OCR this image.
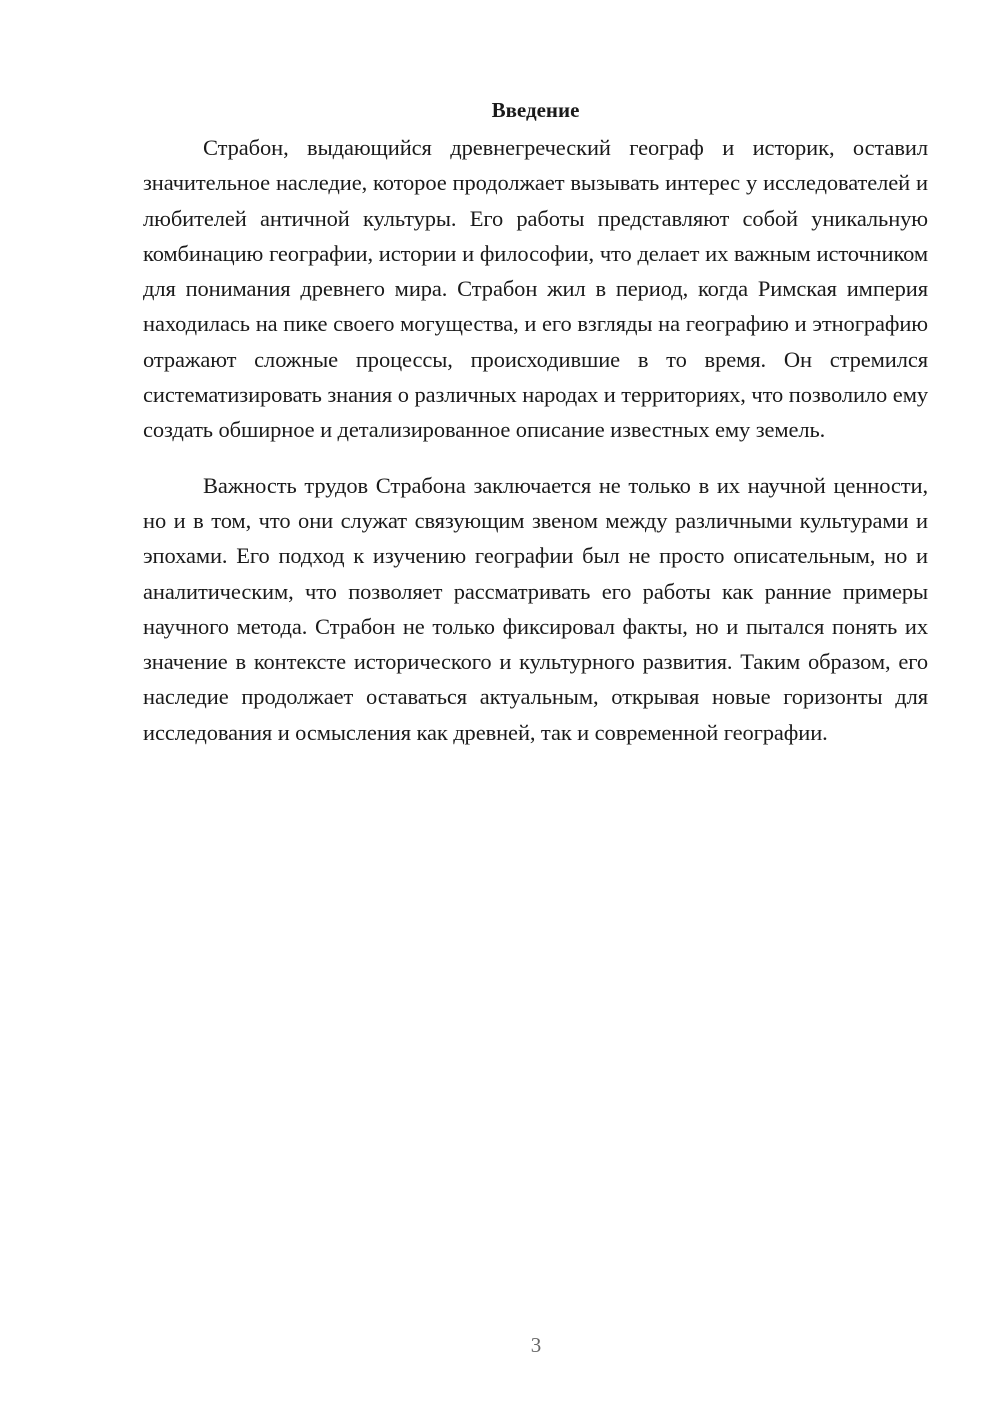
Введение

Страбон, выдающийся древнегреческий географ и историк, оставил значительное наследие, которое продолжает вызывать интерес у исследователей и любителей античной культуры. Его работы представляют собой уникальную комбинацию географии, истории и философии, что делает их важным источником для понимания древнего мира. Страбон жил в период, когда Римская империя находилась на пике своего могущества, и его взгляды на географию и этнографию отражают сложные процессы, происходившие в то время. Он стремился систематизировать знания о различных народах и территориях, что позволило ему создать обширное и детализированное описание известных ему земель.

Важность трудов Страбона заключается не только в их научной ценности, но и в том, что они служат связующим звеном между различными культурами и эпохами. Его подход к изучению географии был не просто описательным, но и аналитическим, что позволяет рассматривать его работы как ранние примеры научного метода. Страбон не только фиксировал факты, но и пытался понять их значение в контексте исторического и культурного развития. Таким образом, его наследие продолжает оставаться актуальным, открывая новые горизонты для исследования и осмысления как древней, так и современной географии.

3
